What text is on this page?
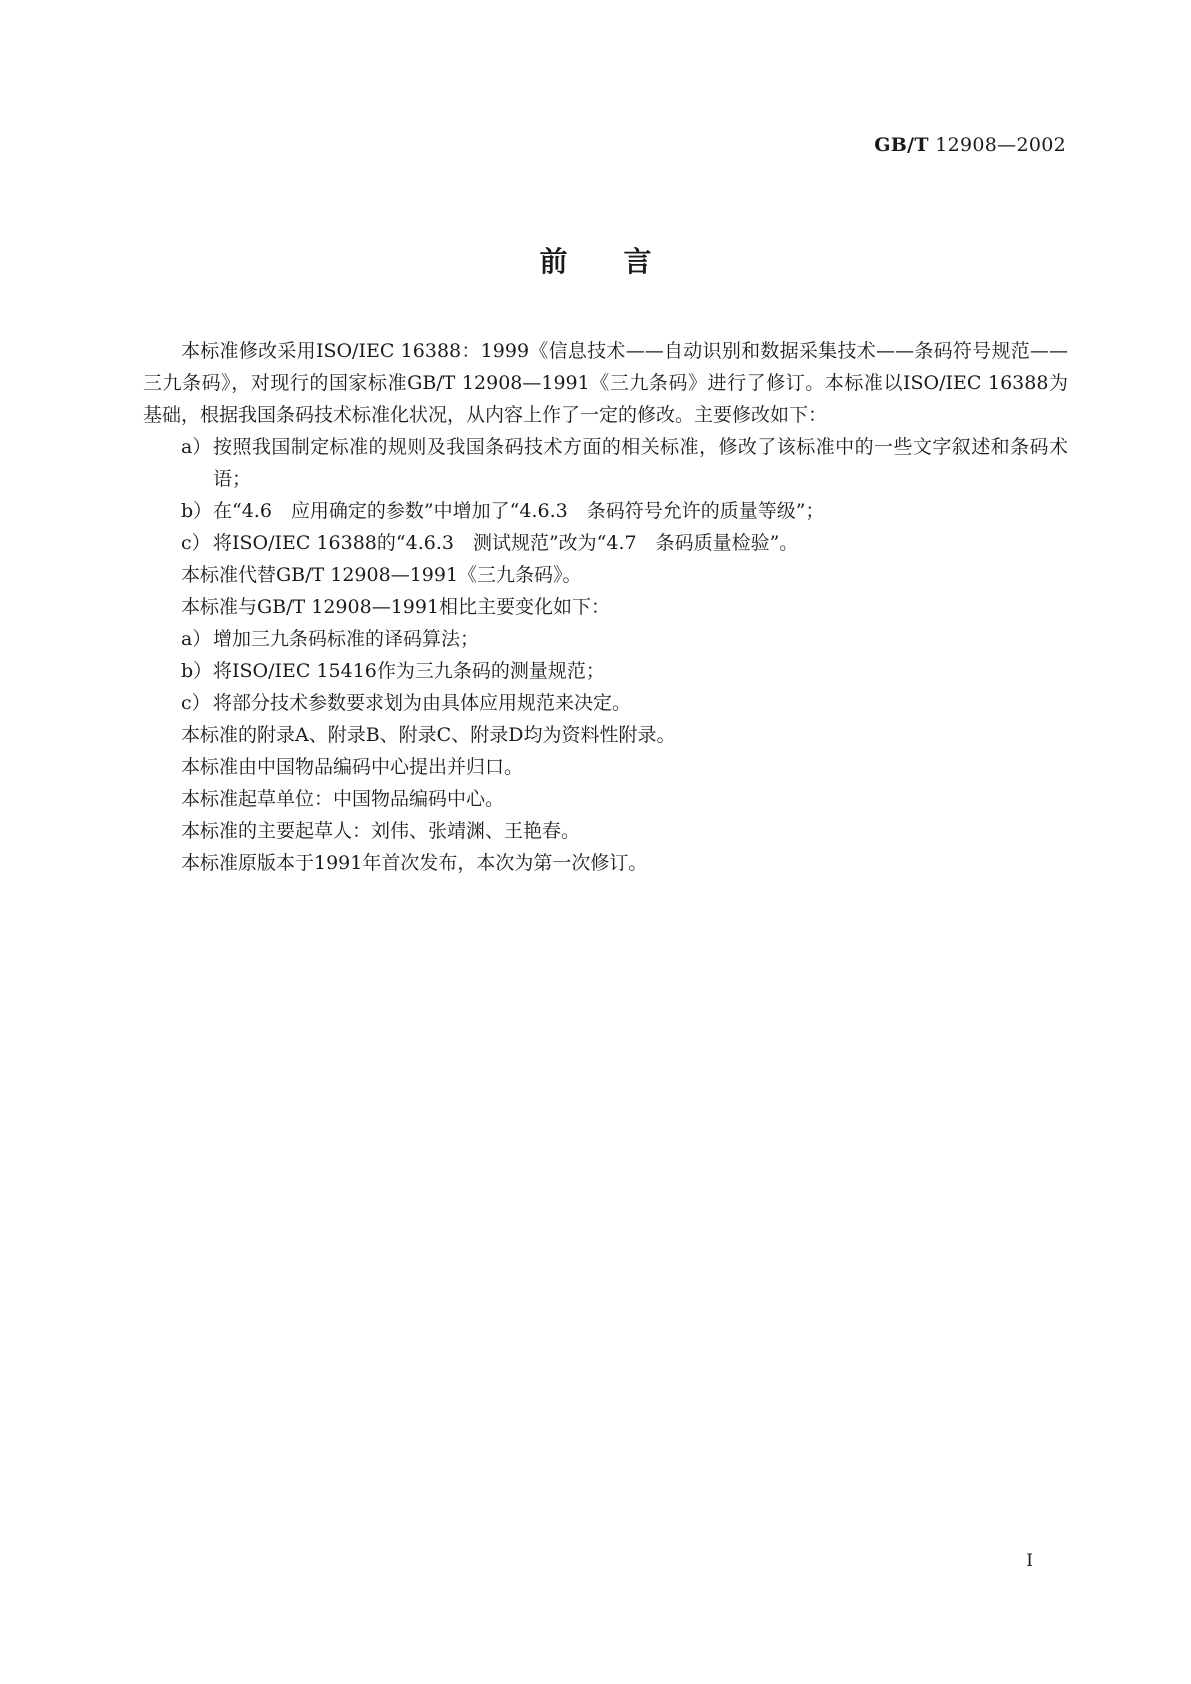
GB/T 12908—2002
前言

本标准修改采用ISO/IEC 16388：1999《信息技术——自动识别和数据采集技术——条码符号规范——三九条码》，对现行的国家标准GB/T 12908—1991《三九条码》进行了修订。本标准以ISO/IEC 16388为基础，根据我国条码技术标准化状况，从内容上作了一定的修改。主要修改如下：

a） 按照我国制定标准的规则及我国条码技术方面的相关标准，修改了该标准中的一些文字叙述和条码术语；
b） 在“4.6　应用确定的参数”中增加了“4.6.3　条码符号允许的质量等级”；
c） 将ISO/IEC 16388的“4.6.3　测试规范”改为“4.7　条码质量检验”。

本标准代替GB/T 12908—1991《三九条码》。

本标准与GB/T 12908—1991相比主要变化如下：

a） 增加三九条码标准的译码算法；
b） 将ISO/IEC 15416作为三九条码的测量规范；
c） 将部分技术参数要求划为由具体应用规范来决定。

本标准的附录A、附录B、附录C、附录D均为资料性附录。

本标准由中国物品编码中心提出并归口。

本标准起草单位：中国物品编码中心。

本标准的主要起草人：刘伟、张靖渊、王艳春。

本标准原版本于1991年首次发布，本次为第一次修订。

I
